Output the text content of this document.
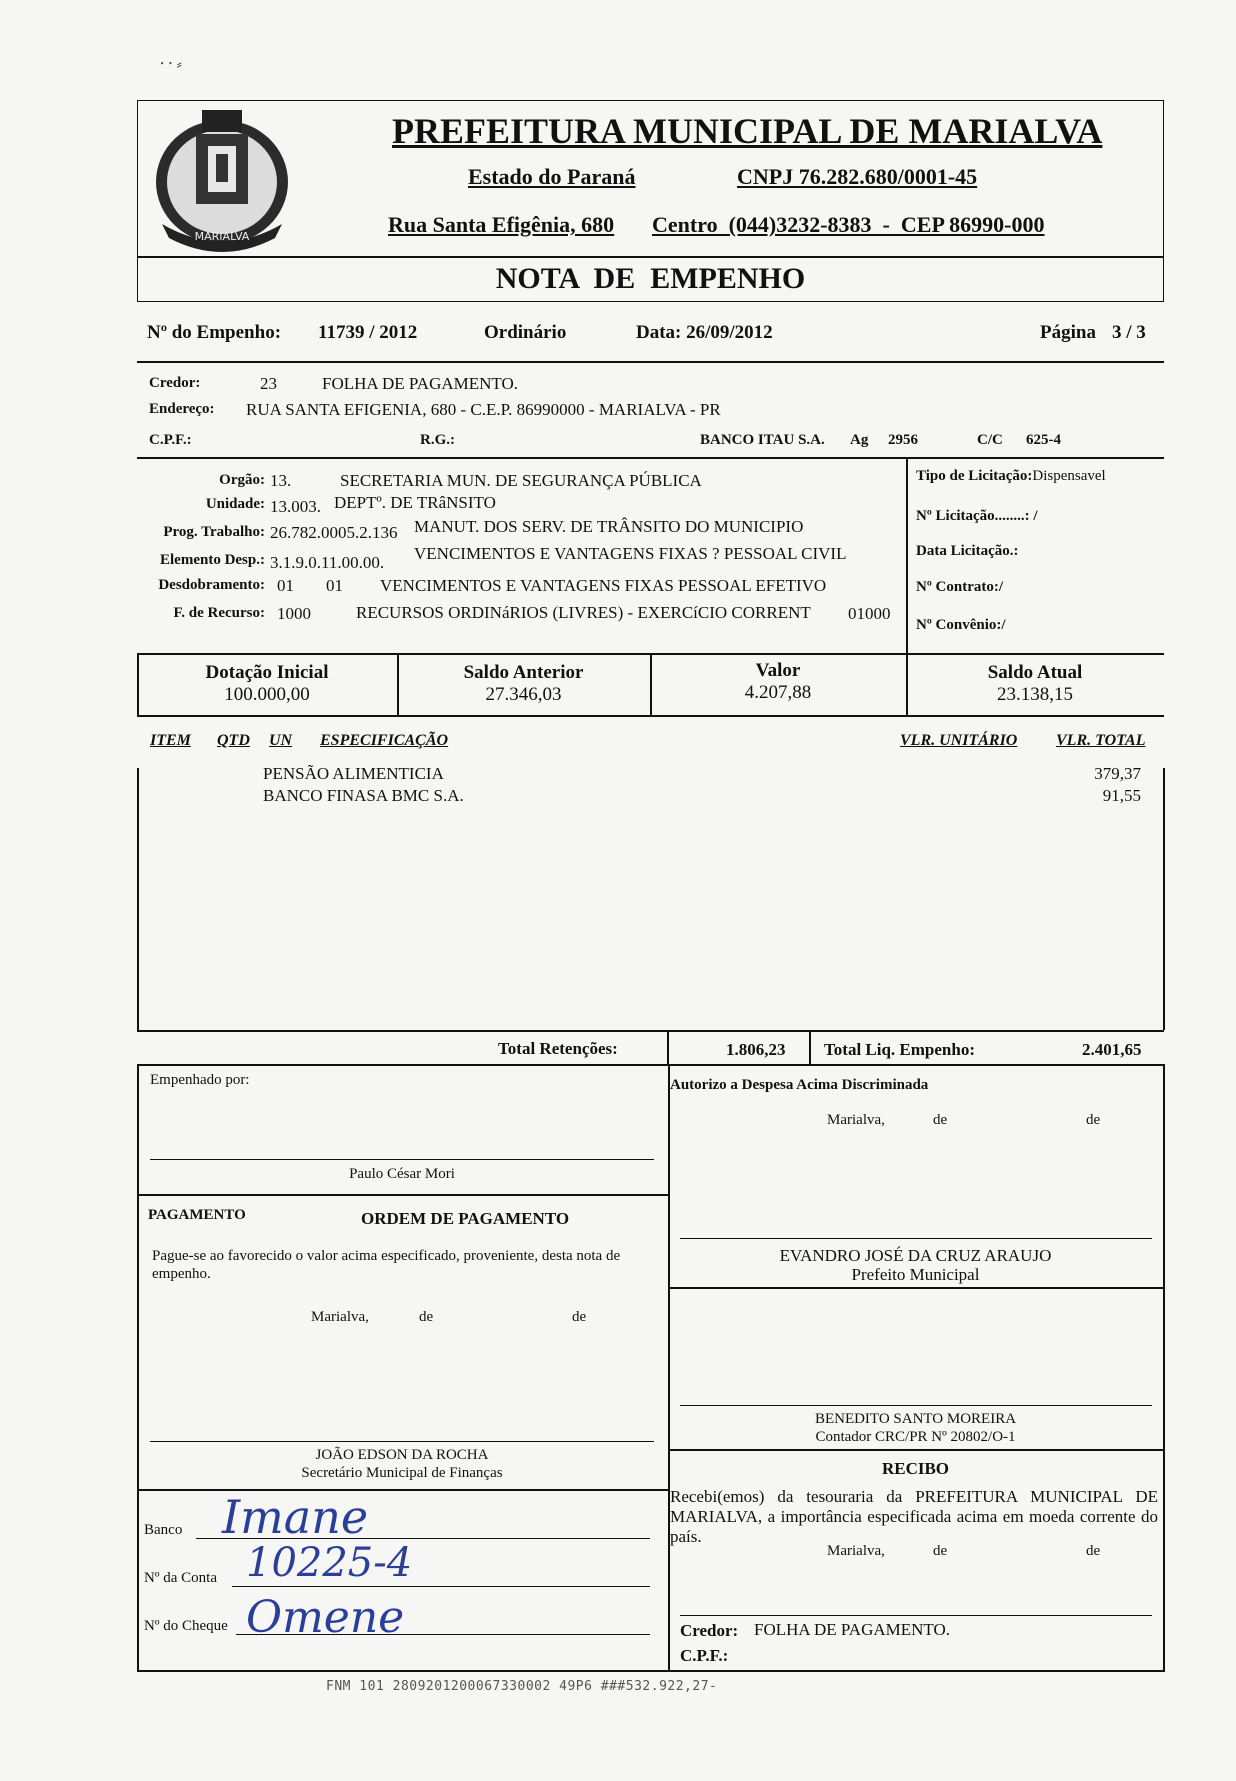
⸱ ⸱ ⸗
MARIALVA
PREFEITURA MUNICIPAL DE MARIALVA
Estado do Paraná	CNPJ 76.282.680/0001-45
Rua Santa Efigênia, 680 Centro  (044)3232-8383  -  CEP 86990-000
NOTA  DE  EMPENHO
Nº do Empenho: 11739 / 2012	Ordinário	Data: 26/09/2012	Página 3 / 3
Credor:	23	FOLHA DE PAGAMENTO.
Endereço: RUA SANTA EFIGENIA, 680 - C.E.P. 86990000 - MARIALVA - PR
C.P.F.:	R.G.:	BANCO ITAU S.A. Ag 2956	C/C 625-4
Orgão: 13.	SECRETARIA MUN. DE SEGURANÇA PÚBLICA
Unidade: 13.003. DEPTº. DE TRâNSITO
Prog. Trabalho: 26.782.0005.2.136 MANUT. DOS SERV. DE TRÂNSITO DO MUNICIPIO
Elemento Desp.: 3.1.9.0.11.00.00. VENCIMENTOS E VANTAGENS FIXAS ? PESSOAL CIVIL
Desdobramento: 01 01 VENCIMENTOS E VANTAGENS FIXAS PESSOAL EFETIVO
F. de Recurso: 1000	RECURSOS ORDINáRIOS (LIVRES) - EXERCíCIO CORRENT 01000
Tipo de Licitação:Dispensavel
Nº Licitação........: /
Data Licitação.:
Nº Contrato:/
Nº Convênio:/
Dotação Inicial
100.000,00
Saldo Anterior
27.346,03
Valor
4.207,88
Saldo Atual
23.138,15
ITEM QTD UN ESPECIFICAÇÃO	VLR. UNITÁRIO VLR. TOTAL
PENSÃO ALIMENTICIA	379,37
BANCO FINASA BMC S.A.	91,55
Total Retenções:	1.806,23 Total Liq. Empenho:	2.401,65
Empenhado por:
Paulo César Mori
Autorizo a Despesa Acima Discriminada
Marialva,	de	de
PAGAMENTO	ORDEM DE PAGAMENTO
Pague-se ao favorecido o valor acima especificado, proveniente, desta nota de empenho.
Marialva,	de	de
EVANDRO JOSÉ DA CRUZ ARAUJO
Prefeito Municipal
BENEDITO SANTO MOREIRA
Contador CRC/PR Nº 20802/O-1
JOÃO EDSON DA ROCHA
Secretário Municipal de Finanças	RECIBO
Recebi(emos) da tesouraria da PREFEITURA MUNICIPAL DE MARIALVA, a importância especificada acima em moeda corrente do país.
Marialva,	de	de
Banco Imane
Nº da Conta 10225-4
Nº do Cheque Omene	Credor: FOLHA DE PAGAMENTO.
C.P.F.:
FNM 101 2809201200067330002 49P6 ###532.922,27-
